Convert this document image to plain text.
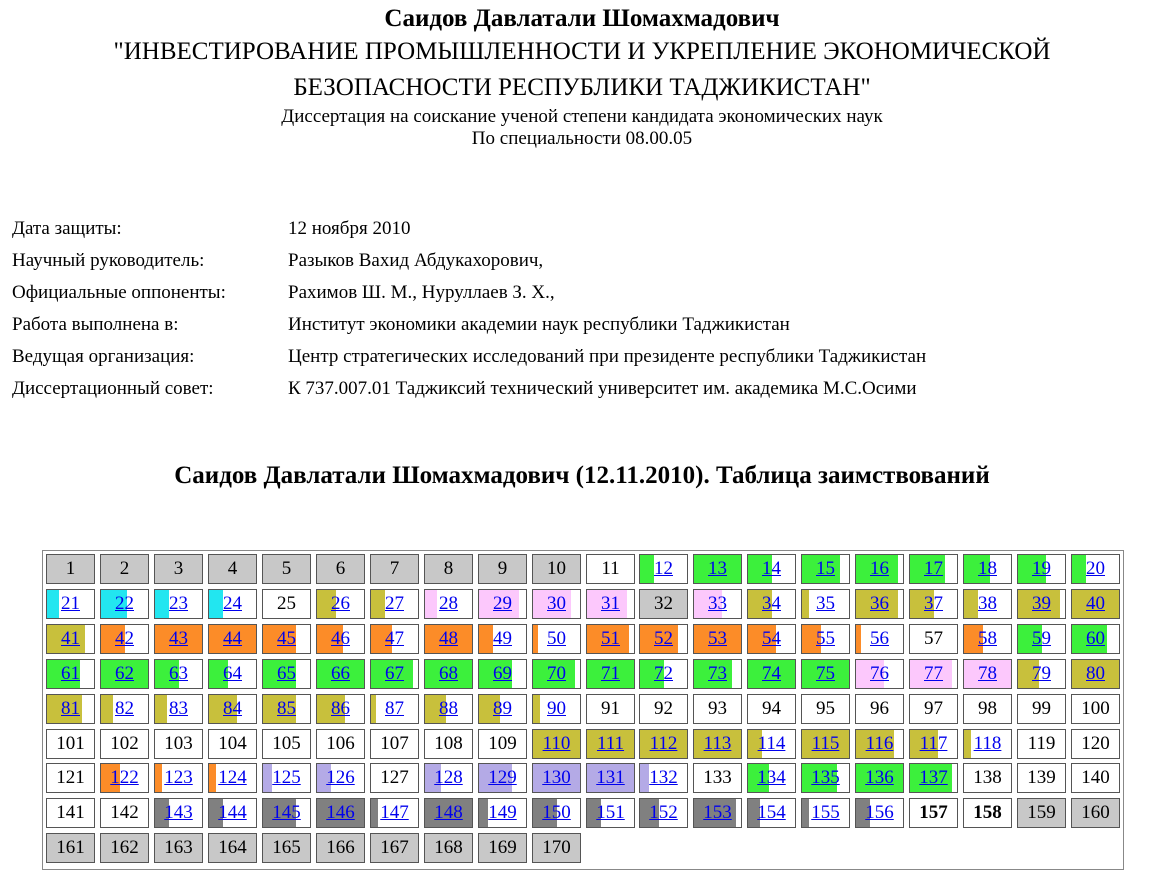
Саидов Давлатали Шомахмадович
"ИНВЕСТИРОВАНИЕ ПРОМЫШЛЕННОСТИ И УКРЕПЛЕНИЕ ЭКОНОМИЧЕСКОЙ
БЕЗОПАСНОСТИ РЕСПУБЛИКИ ТАДЖИКИСТАН"
Диссертация на соискание ученой степени кандидата экономических наук
По специальности 08.00.05
Дата защиты:	12 ноября 2010
Научный руководитель:	Разыков Вахид Абдукахорович,
Официальные оппоненты:	Рахимов Ш. М., Нуруллаев З. Х.,
Работа выполнена в:	Институт экономики академии наук республики Таджикистан
Ведущая организация:	Центр стратегических исследований при президенте республики Таджикистан
Диссертационный совет:	К 737.007.01 Таджиксий технический университет им. академика М.С.Осими
Саидов Давлатали Шомахмадович (12.11.2010). Таблица заимствований
1	2	3	4	5	6	7	8	9	10	11	12	13	14	15	16	17	18	19	20
21	22	23	24	25	26	27	28	29	30	31	32	33	34	35	36	37	38	39	40
41	42	43	44	45	46	47	48	49	50	51	52	53	54	55	56	57	58	59	60
61	62	63	64	65	66	67	68	69	70	71	72	73	74	75	76	77	78	79	80
81	82	83	84	85	86	87	88	89	90	91	92	93	94	95	96	97	98	99	100
101	102	103	104	105	106	107	108	109	110	111	112	113	114	115	116	117	118	119	120
121	122	123	124	125	126	127	128	129	130	131	132	133	134	135	136	137	138	139	140
141	142	143	144	145	146	147	148	149	150	151	152	153	154	155	156	157	158	159	160
161	162	163	164	165	166	167	168	169	170
